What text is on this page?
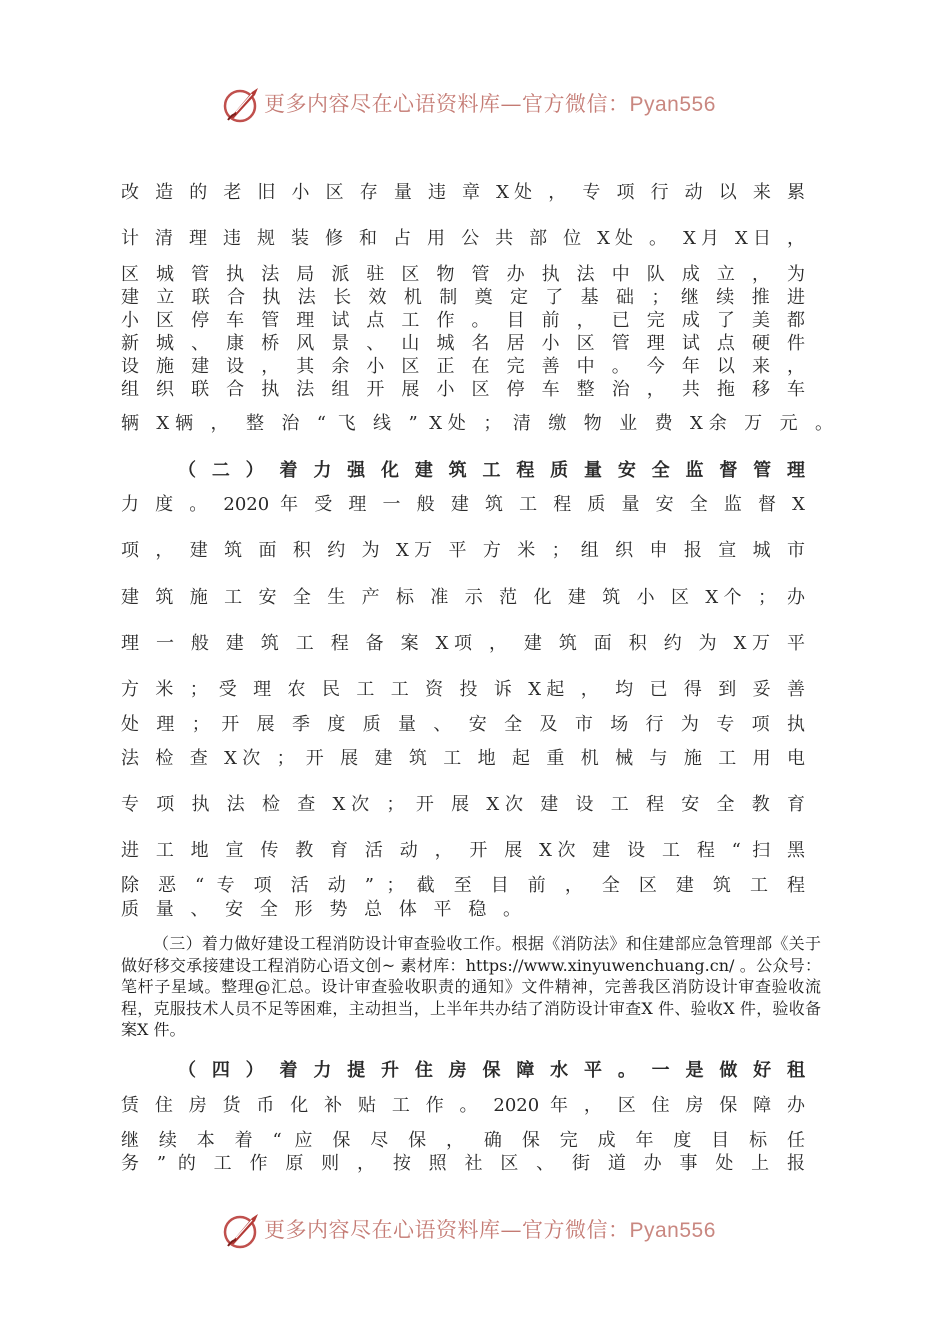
更多内容尽在心语资料库—官方微信：Pyan556
改 造 的 老 旧 小 区 存 量 违 章 X处 ， 专 项 行 动 以 来 累
计 清 理 违 规 装 修 和 占 用 公 共 部 位 X处 。 X月 X日 ，
区 城 管 执 法 局 派 驻 区 物 管 办 执 法 中 队 成 立 ， 为
建 立 联 合 执 法 长 效 机 制 奠 定 了 基 础 ； 继 续 推 进
小 区 停 车 管 理 试 点 工 作 。 目 前 ， 已 完 成 了 美 都
新 城 、 康 桥 风 景 、 山 城 名 居 小 区 管 理 试 点 硬 件
设 施 建 设 ， 其 余 小 区 正 在 完 善 中 。 今 年 以 来 ，
组 织 联 合 执 法 组 开 展 小 区 停 车 整 治 ， 共 拖 移 车
辆 X辆 ， 整 治 “ 飞 线 ” X处 ； 清 缴 物 业 费 X余 万 元 。
（ 二 ） 着 力 强 化 建 筑 工 程 质 量 安 全 监 督 管 理
力 度 。 2020 年 受 理 一 般 建 筑 工 程 质 量 安 全 监 督 X
项 ， 建 筑 面 积 约 为 X万 平 方 米 ； 组 织 申 报 宣 城 市
建 筑 施 工 安 全 生 产 标 准 示 范 化 建 筑 小 区 X个 ； 办
理 一 般 建 筑 工 程 备 案 X项 ， 建 筑 面 积 约 为 X万 平
方 米 ； 受 理 农 民 工 工 资 投 诉 X起 ， 均 已 得 到 妥 善
处 理 ； 开 展 季 度 质 量 、 安 全 及 市 场 行 为 专 项 执
法 检 查 X次 ； 开 展 建 筑 工 地 起 重 机 械 与 施 工 用 电
专 项 执 法 检 查 X次 ； 开 展 X次 建 设 工 程 安 全 教 育
进 工 地 宣 传 教 育 活 动 ， 开 展 X次 建 设 工 程 “ 扫 黑
除 恶 “ 专 项 活 动 ” ； 截 至 目 前 ， 全 区 建 筑 工 程
质 量 、 安 全 形 势 总 体 平 稳 。
（三）着力做好建设工程消防设计审查验收工作。根据《消防法》和住建部应急管理部《关于做好移交承接建设工程消防心语文创~ 素材库：https://www.xinyuwenchuang.cn/ 。公众号：笔杆子星域。整理@汇总。设计审查验收职责的通知》文件精神，完善我区消防设计审查验收流程，克服技术人员不足等困难，主动担当，上半年共办结了消防设计审查X 件、验收X 件，验收备案X 件。
（ 四 ） 着 力 提 升 住 房 保 障 水 平 。 一 是 做 好 租
赁 住 房 货 币 化 补 贴 工 作 。 2020 年 ， 区 住 房 保 障 办
继 续 本 着 “ 应 保 尽 保 ， 确 保 完 成 年 度 目 标 任
务 ” 的 工 作 原 则 ， 按 照 社 区 、 街 道 办 事 处 上 报
更多内容尽在心语资料库—官方微信：Pyan556
